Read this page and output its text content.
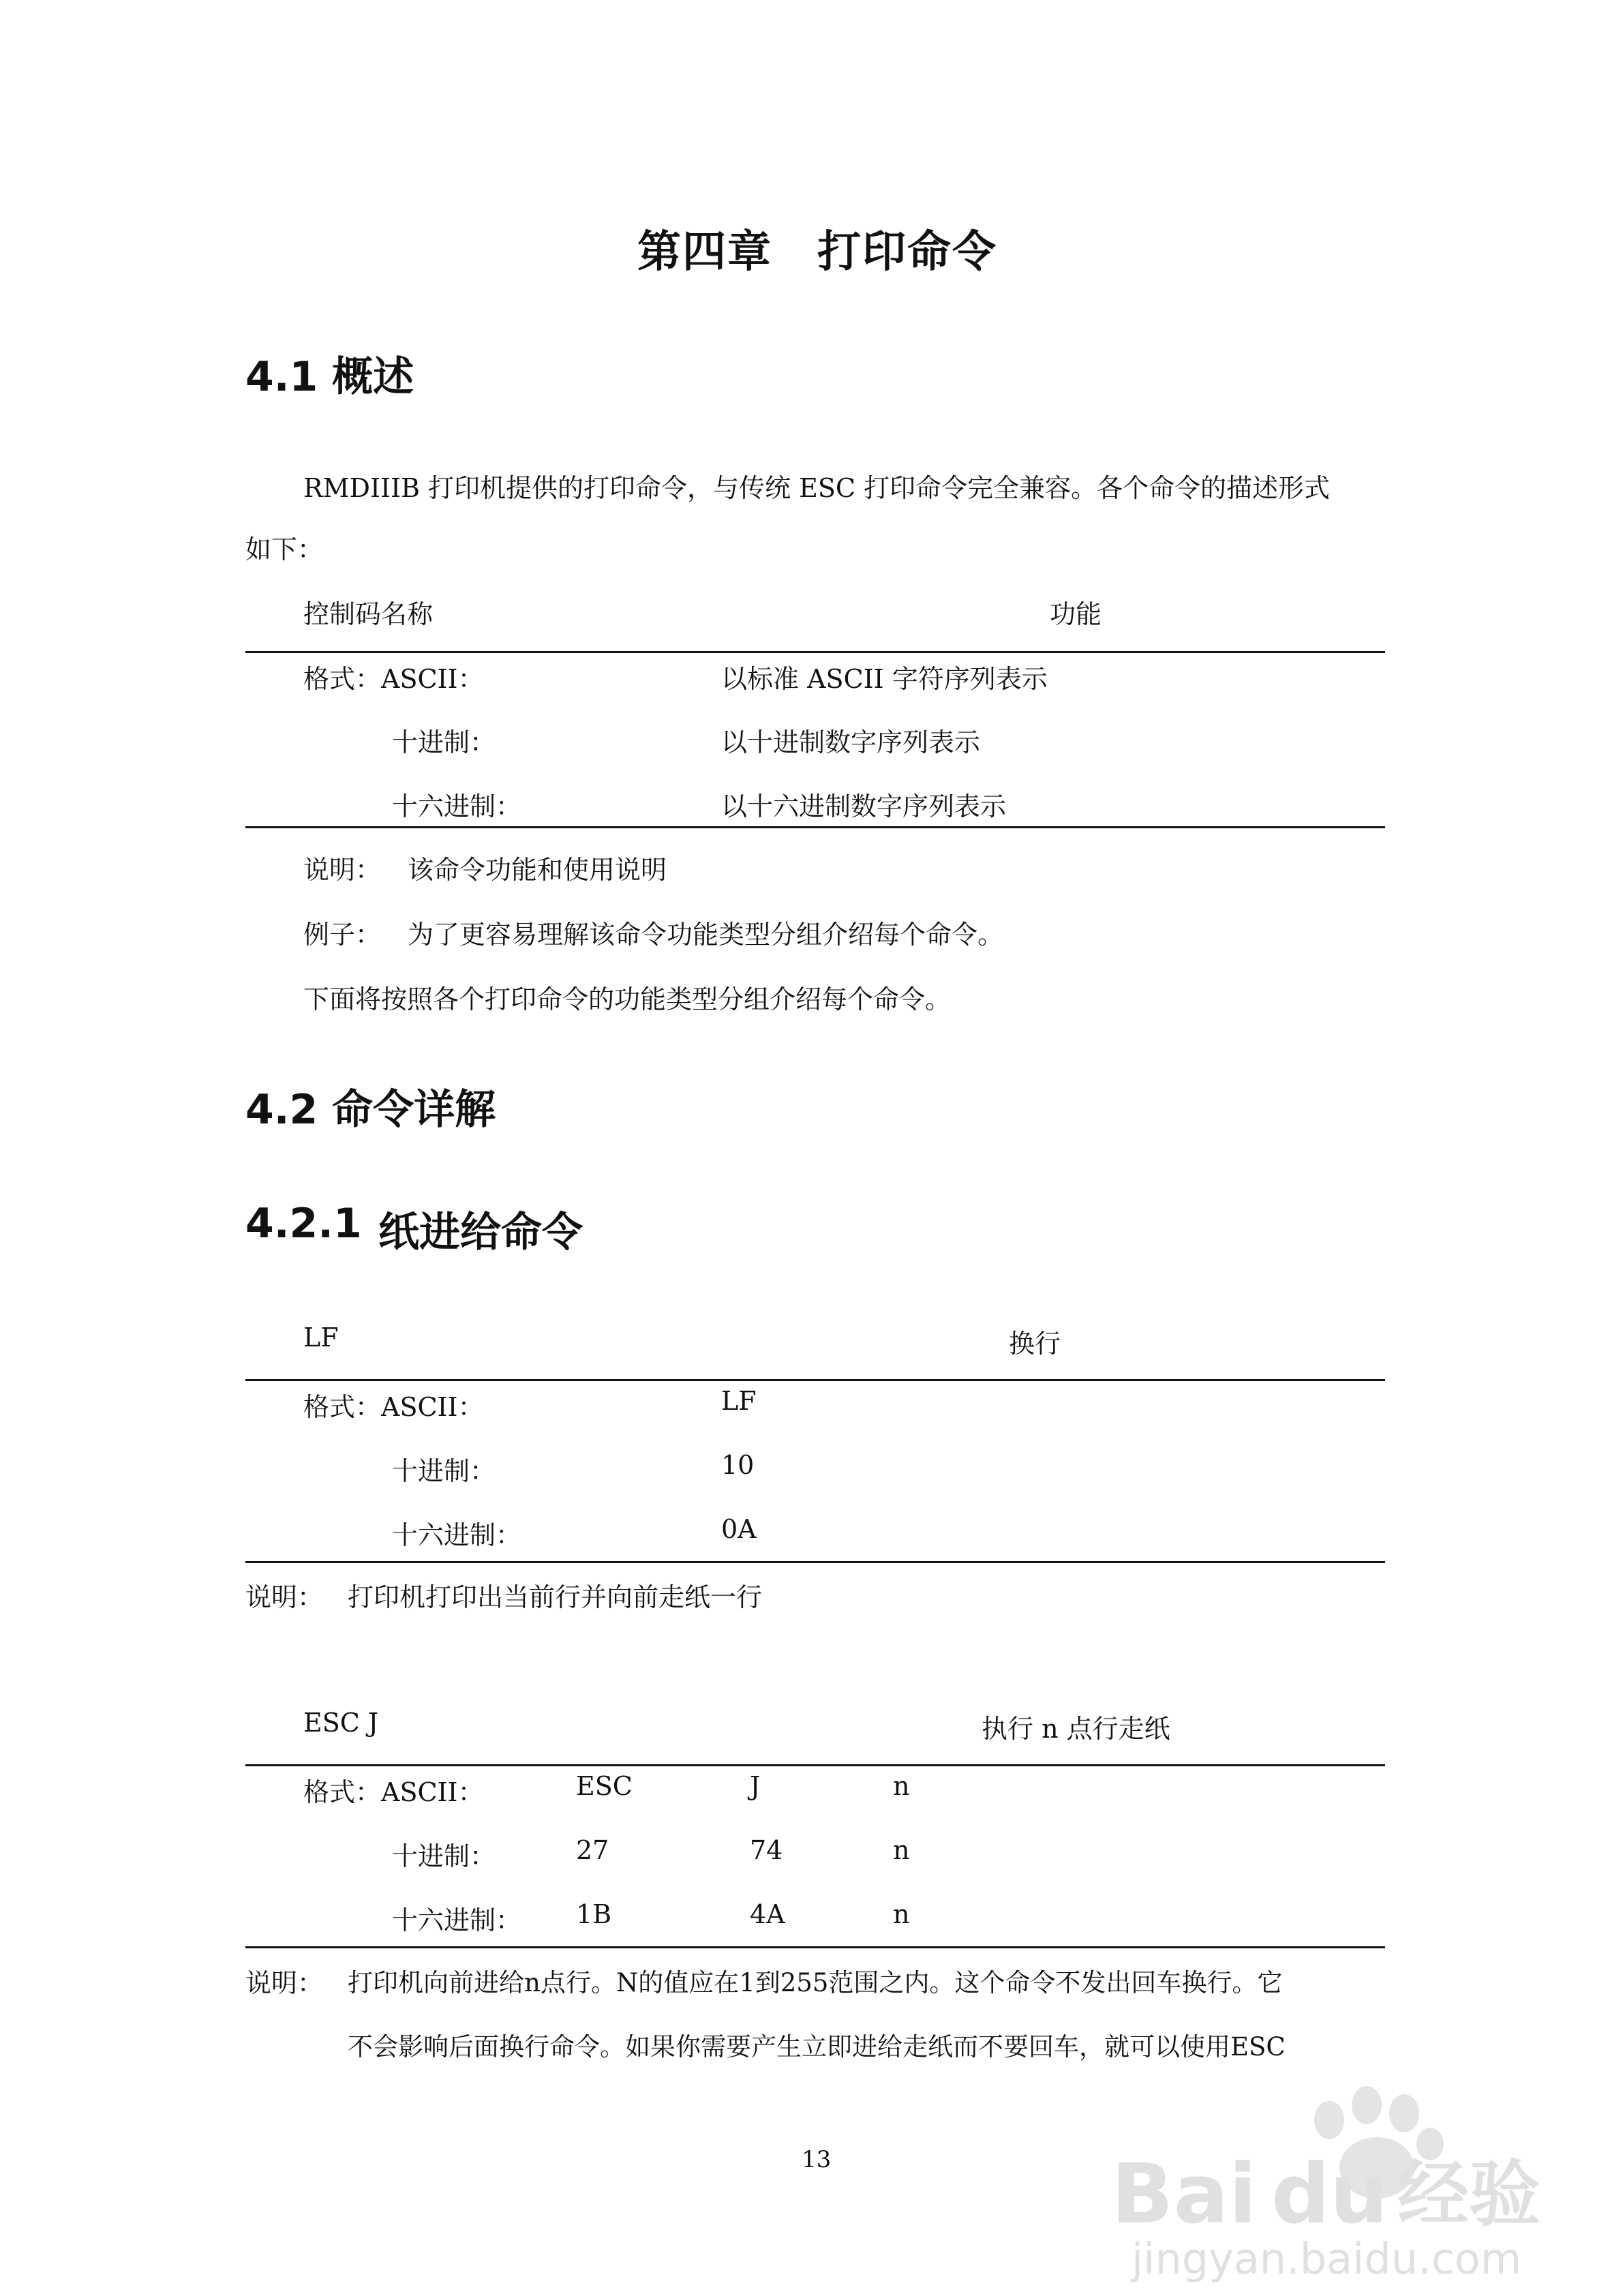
第四章　打印命令
4.1 概述
RMDIIIB 打印机提供的打印命令，与传统 ESC 打印命令完全兼容。各个命令的描述形式
如下：
控制码名称	功能
格式：ASCII：	以标准 ASCII 字符序列表示
十进制：	以十进制数字序列表示
十六进制：	以十六进制数字序列表示
说明： 该命令功能和使用说明
例子： 为了更容易理解该命令功能类型分组介绍每个命令。
下面将按照各个打印命令的功能类型分组介绍每个命令。
4.2 命令详解
4.2.1 纸进给命令
LF	换行
格式：ASCII：	LF
十进制：	10
十六进制：	0A
说明： 打印机打印出当前行并向前走纸一行
ESC J	执行 n 点行走纸
格式：ASCII：	ESC	J	n
十进制：	27	74	n
十六进制： 1B	4A	n
说明： 打印机向前进给n点行。N的值应在1到255范围之内。这个命令不发出回车换行。它
不会影响后面换行命令。如果你需要产生立即进给走纸而不要回车，就可以使用ESC
13	Bai du 经验
jingyan.baidu.com
